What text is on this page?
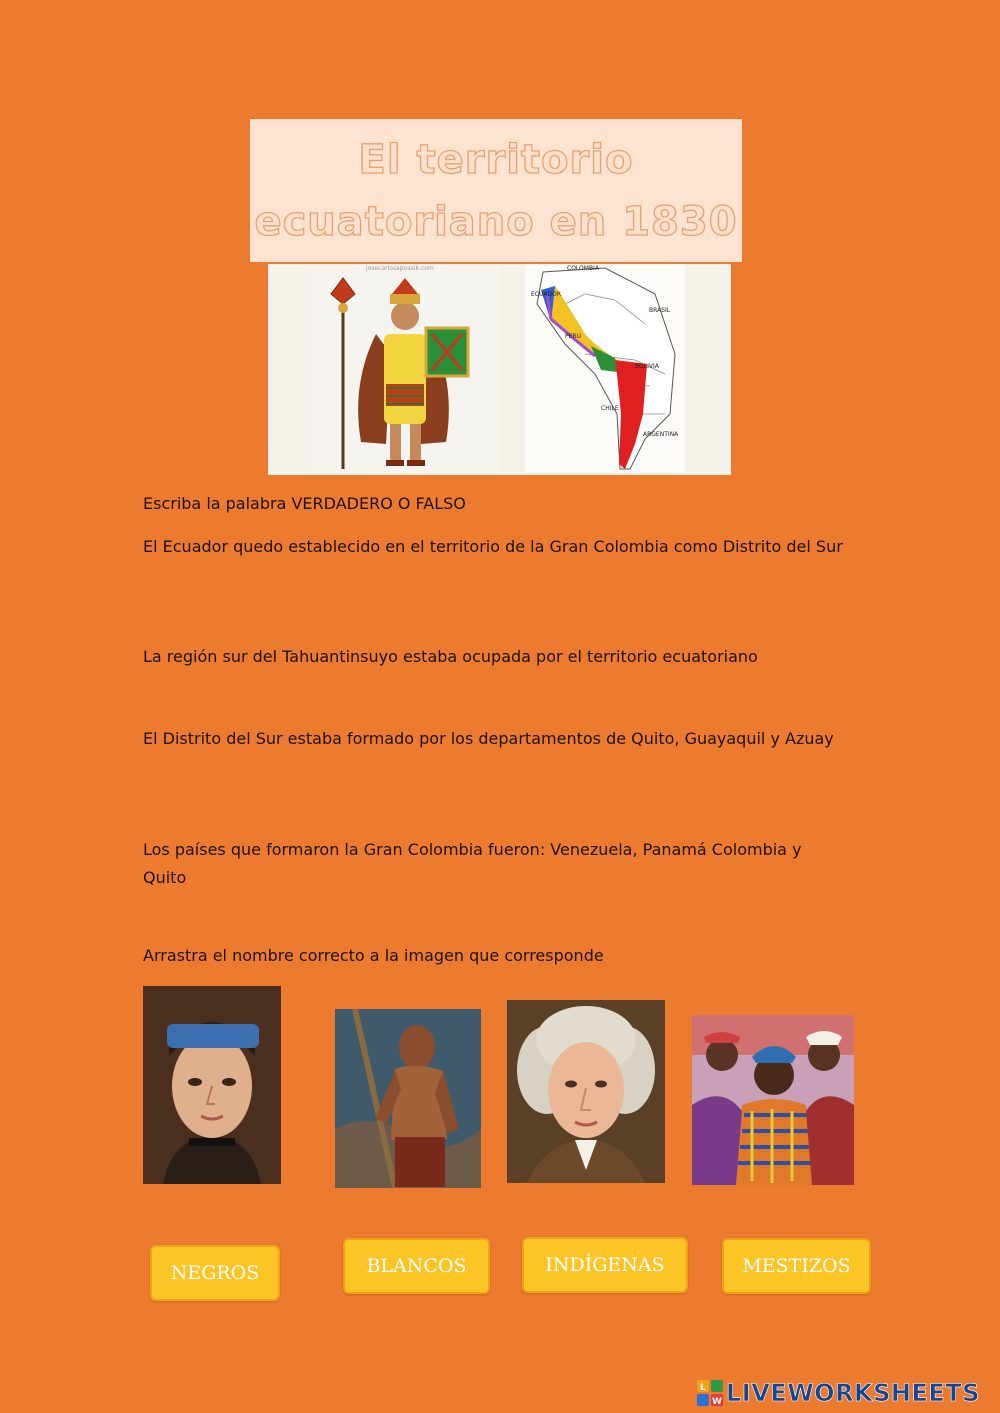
El territorio
ecuatoriano en 1830
josecarlosapvasik.com	COLOMBIA
ECUADOR
BRASIL
PERU
BOLIVIA
CHILE
ARGENTINA
Escriba la palabra VERDADERO O FALSO
El Ecuador quedo establecido en el territorio de la Gran Colombia como Distrito del Sur
La región sur del Tahuantinsuyo estaba ocupada por el territorio ecuatoriano
El Distrito del Sur estaba formado por los departamentos de Quito, Guayaquil y Azuay
Los países que formaron la Gran Colombia fueron: Venezuela, Panamá Colombia y Quito
Arrastra el nombre correcto a la imagen que corresponde
NEGROS	BLANCOS	INDÍGENAS	MESTIZOS
L
W LIVEWORKSHEETS
